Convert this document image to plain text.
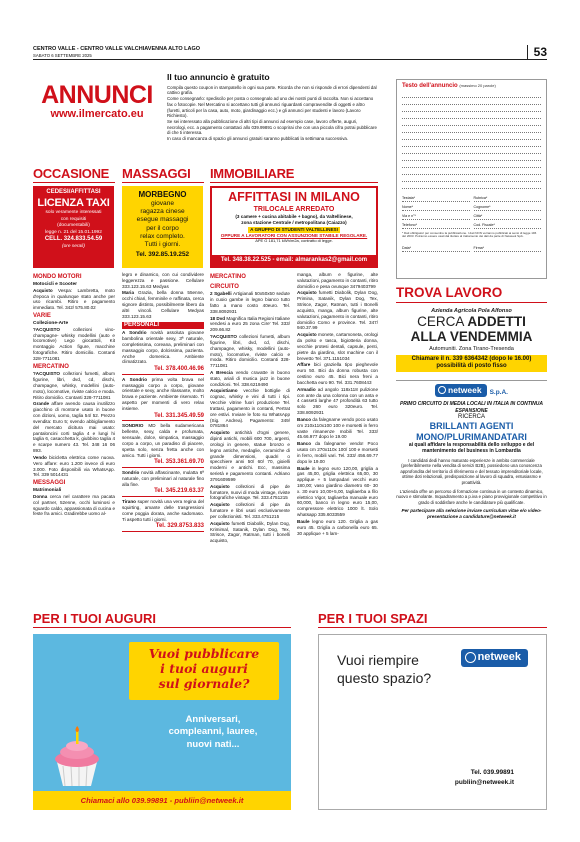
CENTRO VALLE - CENTRO VALLE VALCHIAVENNA ALTO LAGO
SABATO 6 SETTEMBRE 2025	53
ANNUNCI
www.ilmercato.eu
Il tuo annuncio è gratuito

Compila questo coupon in stampatello in ogni sua parte. Ricorda che non si risponde di errori dipendenti dal cattivo grafia.

Come consegnarlo: spediscilo per posta o consegnalo ad uno dei nostri punti di raccolta. Non si accettano fax o fotocopie. Nel Mercatino si accettano tutti gli annunci riguardanti compravendite di oggetti e altro (furetti, articoli per la casa, auto, moto, giardinaggio ecc.) e gli annunci per studenti e lavoro (Lavoro Richiesto).

Se sei interessato alla pubblicazione di altri tipi di annunci ad esempio case, lavoro offerte, auguri, necrologi, ecc. a pagamento contattaci allo 039.99891 o scoprirai che con una piccola cifra potrai pubblicare di che ti interessa.

In caso di mancanza di spazio gli annunci gratuiti saranno pubblicati la settimana successiva.

Testo dell'annuncio (massimo 20 parole)
Testata*	Rubrica*
Nome*	Cognome*
Via e n°*	Città*
Telefono*	Cod. Fiscale*
* Dati obbligatori per consentire la pubblicazione. I dati NON verranno pubblicati ai sensi di legge 196 del 2003. Potranno essere usati dal titolare al trattamento dei dati da parte di Netweek SpA.
Data*	Firma*
OCCASIONE MASSAGGI	IMMOBILIARE
CEDESI/AFFITTASI
LICENZA TAXI
solo veramente interessati
con requisiti
(documentabili)
legge n. 21 del 15.01.1992
CELL. 324.833.54.59
(ore serali)
MORBEGNO
giovane
ragazza cinese
esegue massaggi
per il corpo
relax completo.
Tutti i giorni.
Tel. 392.85.19.252
AFFITTASI IN MILANO
TRILOCALE ARREDATO
(3 camere + cucina abitabile + bagno), da Valtellinese,
zona stazione Centrale / metropolitana (Caiazzo)
A GRUPPO DI STUDENTI VALTELLINESI
OPPURE A LAVORATORI CON ASSUNZIONE STABILE REGOLARE.
APE G 181,71 kWh/m2a, contratto di legge.
Tel. 348.38.22.525 - email: almarankas2@gmail.com
MONDO MOTORI
Motocicli e Scooter
Acquisto Vespa: Lambretta, moto d'epoca in qualunque stato anche per uso ricambi. Ritiro e pagamento immediato. Tel. 342/ 575.80.02
VARIE
Collezione-Arte
?ACQUISTO	collezioni vino-champagne- whisky modellini (auto e locomotive) Lego giocattoli, Kit montaggio Action figure, macchine fotografiche. Ritiro domicilio. Contanti 328-7711081
MERCATINO
?ACQUISTO collezioni fumetti, album figurine, libri, dvd, cd, dischi, champagne, whisky, modellini (auto- moto), locomotive, riviste calcio e moda. Ritiro domicilio. Contanti 328-7711081
Grande affare avendo causa inutilizzo giacchino di montone usato in buone con dizioni, uomo, taglia 54/ 52. Prezzo svendita: Euro 5; svendo abbigliamento del mercato dicitura mai usato: pantaloncini corti taglia 4 e lungi hi taglia 6, casacchetta k, giubbino taglia 4 e scarpe numero 43. Tel. 348 16 06 893.
Vendo bicicletta elettrica come nuova. Vero affare: euro 1.200 invece di euro 3.000. Foto disponibili via WhatsApp. Tel. 339 5014431
MESSAGGI
Matrimoniali
Donna cerca nel carattere ma pacata col partner, 52enne, occhi luminosi e sguardo caldo, appassionata di cucina e feste fra amici. Gradirebbe uomo al-
legro e dinamico, con cui condividere leggerezza e passione. Cellulare 333.123.15.63 Medyas
Maria Grazia, bella donna 55enne, occhi chiari, femminile e raffinata, cerca signore distinto, possibilmente libero da altri vincoli. Cellulare Medyas 333.123.15.63
PERSONALI
A Sondrio novità assoluta giovane bambolina orientale sexy, 3ª naturale, completissima, coreana, preliminari con massaggio corpo, dolcissima, pazienta. Anche domenica. Ambiente climatizzato.
Tel. 378.400.46.96
A Sondrio prima volta brava nel massaggio corpo a corpo, giovane orientale e sexy, anche rilassante, molto brava e paziente. Ambiente riservato. Ti aspetto per momenti di vero relax insieme.
Tel. 331.345.49.59
SONDRIO MD bella sudamericana bellente, sexy, calda e profumata, sensuale, dolce, simpatica, massaggio corpo a corpo, un paradiso di piacere, spetta solo, senza fretta anche con amico. Tutti i giorni.
Tel. 353.361.69.70
Sondrio novità affascinante, mulatta 6ª naturale, con preliminari al naturale fino alla fine.
Tel. 345.219.63.37
Tirano super novità una vera regina del squirting, amante delle trasgressioni come poggia dorata, anche sadomaso. Ti aspetto tutti i giorni.
Tel. 329.8753.833
MERCATINO
CIRCUITO
2 Sgabelli Artigianali 50x50x50 sedute in cuoio gambe in legno bianco tutto fatto a mano costo 40euro. Tel. 338.8092931
18 Dvd Magnifica Italia Regioni Italiane vendesi a euro 25 zona Cire' Tel. 333/ 209.66.82
?ACQUISTO collezioni fumetti, album figurine, libri, dvd, cd, dischi, champagne, whisky, modellini (auto- moto), locomotive, riviste calcio e moda. Ritiro domicilio. Contanti 328- 7711081
A Brescia vendo cravatte in buono stato, ariali di musica jazz in buone condizioni. Tel. 338.6219490
Acquistiamo vecchie bottiglie di cognac, whisky e vini di tutti i tipi. Vecchie vitrine fuori produzione Tel. trattasi, pagamento in contanti, Pertrat ore estivi. Inviare le foto su WhatsApp (Sig. Andrea). Pagamento: 349/ 0781864
Acquisto antichità d'ogni genere, dipinti antichi, mobili 600 700, argenti, orologi in genere, statue bronzo e legno antiche, medaglie, ceramiche di grande dimensioni, quadri o specchiere anni 50/ 60/ 70, gioielli moderni e antichi. Ecc, massima serietà e pagamento contanti. Adriano 3791609599
Acquisto collezioni di pipe de fumatore, nuovi di moda vintage, riviste fotografiche vintage. Tel. 333.4751215
Acquisto collezioni di pipe da fumatore e libri usati esclusivamente per collezionisti. Tel. 333.4751215
Acquisto fumetti Diabolik, Dylan Dog, Krimimal, Satanik, Dylan Dog, Tex, Strisce, Zagor, Ratman, tutti i bonelli acquisto,
manga, album e figurine, alte valutazioni, pagamento in contanti, ritiro domicilio e pesa ovunque 3479403799
Acquisto fumetti Diabolik, Dylan Dog, Primina, Satanik, Dylan Dog, Tex, Strisce, Zagor, Ratman, tutti i Bonelli acquisto, manga, album figurine, alte valutazioni, pagamento in contanti, ritiro domicilio Como e province. Tel. 347/ 940.37.99
Acquisto monete, cartamoneta, orologi da polso e tasca, bigiotteria donna, vecchie protesi dentali, capsule, penti, pietre da giardino, slot machine con il brevetto Tel. 371.1151034
Affare bici graziella tipo pieghevole euro 50. Bici da donna robusta con cestino euro 45. Bici nera freni a bacchetta euro 90. Tel. 331.7608443
Armadio ad angolo 118x118 pulizione con ante da una colonna con un anta e 4 cassetti larghe 47 profondità 63 tutto solo 260 euro 320euro. Tel. 338.8092931
Banco da falegname vendo poco usato cm 210x110x100 100 e morsetti in ferro vaste rimanenze mobili Tel. 333/ 45.66.977 dopo le 19.00
Banco da falegname vendo! Poco usato cm 270x110x 100/ 100 e morsetti in ferro, mobili vari. Tel. 333/ 456.69.77 dopo le 19.00
Baule in legno euro 120,00, griglia a gas 45,00, griglia elettrica 65,00, 30 applique + 5 lampadari vecchi euro 180,00; vaso giardino diametro 60- 30 x. 30 euro 10,00+5,00, tagliaerba a filo elettrico Vigor, tagliaerba manuale euro 60,000, banco in legno euro 15,00, compressore elettrico 1000 lt. Solo whatsapp 335.6033559
Baule legno euro 120. Griglia a gas euro 45. Griglia a carbonella euro 65. 30 applique + 5 lam-
TROVA LAVORO
Azienda Agricola Pola Alfonso
CERCA ADDETTI
ALLA VENDEMMIA
Automuniti. Zona Tirano-Tresenda
Chiamare il n. 339 6364342 (dopo le 16.00)
possibilità di posto fisso
netweek S.p.A.
PRIMO CIRCUITO DI MEDIA LOCALI IN ITALIA IN CONTINUA ESPANSIONE
RICERCA
BRILLANTI AGENTI MONO/PLURIMANDATARI
ai quali affidare la responsabilità dello sviluppo e del mantenimento del business in Lombardia
I candidati dedi hanno maturato esperienze in ambito commerciale (preferibilmente nella vendita di servizi B2B), possiedono una conoscenza approfondita del territorio di riferimento e del tessuto imprenditoriale locale, ottime doti relazionali, predisposizione al lavoro di squadra, entusiasmo e proattività.
L'azienda offre un percorso di formazione continua in un contesto dinamico, nuovo e stimolante. Inquadramento a p.iva e piano provvigionale competitivo in grado di soddisfare anche le candidature più qualificate.
Per partecipare alla selezione inviare curriculum vitae e/o video-presentazione a candidature@netweek.it
PER I TUOI AUGURI	PER I TUOI SPAZI
Vuoi pubblicare
i tuoi auguri
sul giornale?
Anniversari,
compleanni, lauree,
nuovi nati...
Chiamaci allo 039.99891 - publiin@netweek.it
Vuoi riempire
questo spazio?
netweek
Tel. 039.99891
publiin@netweek.it
